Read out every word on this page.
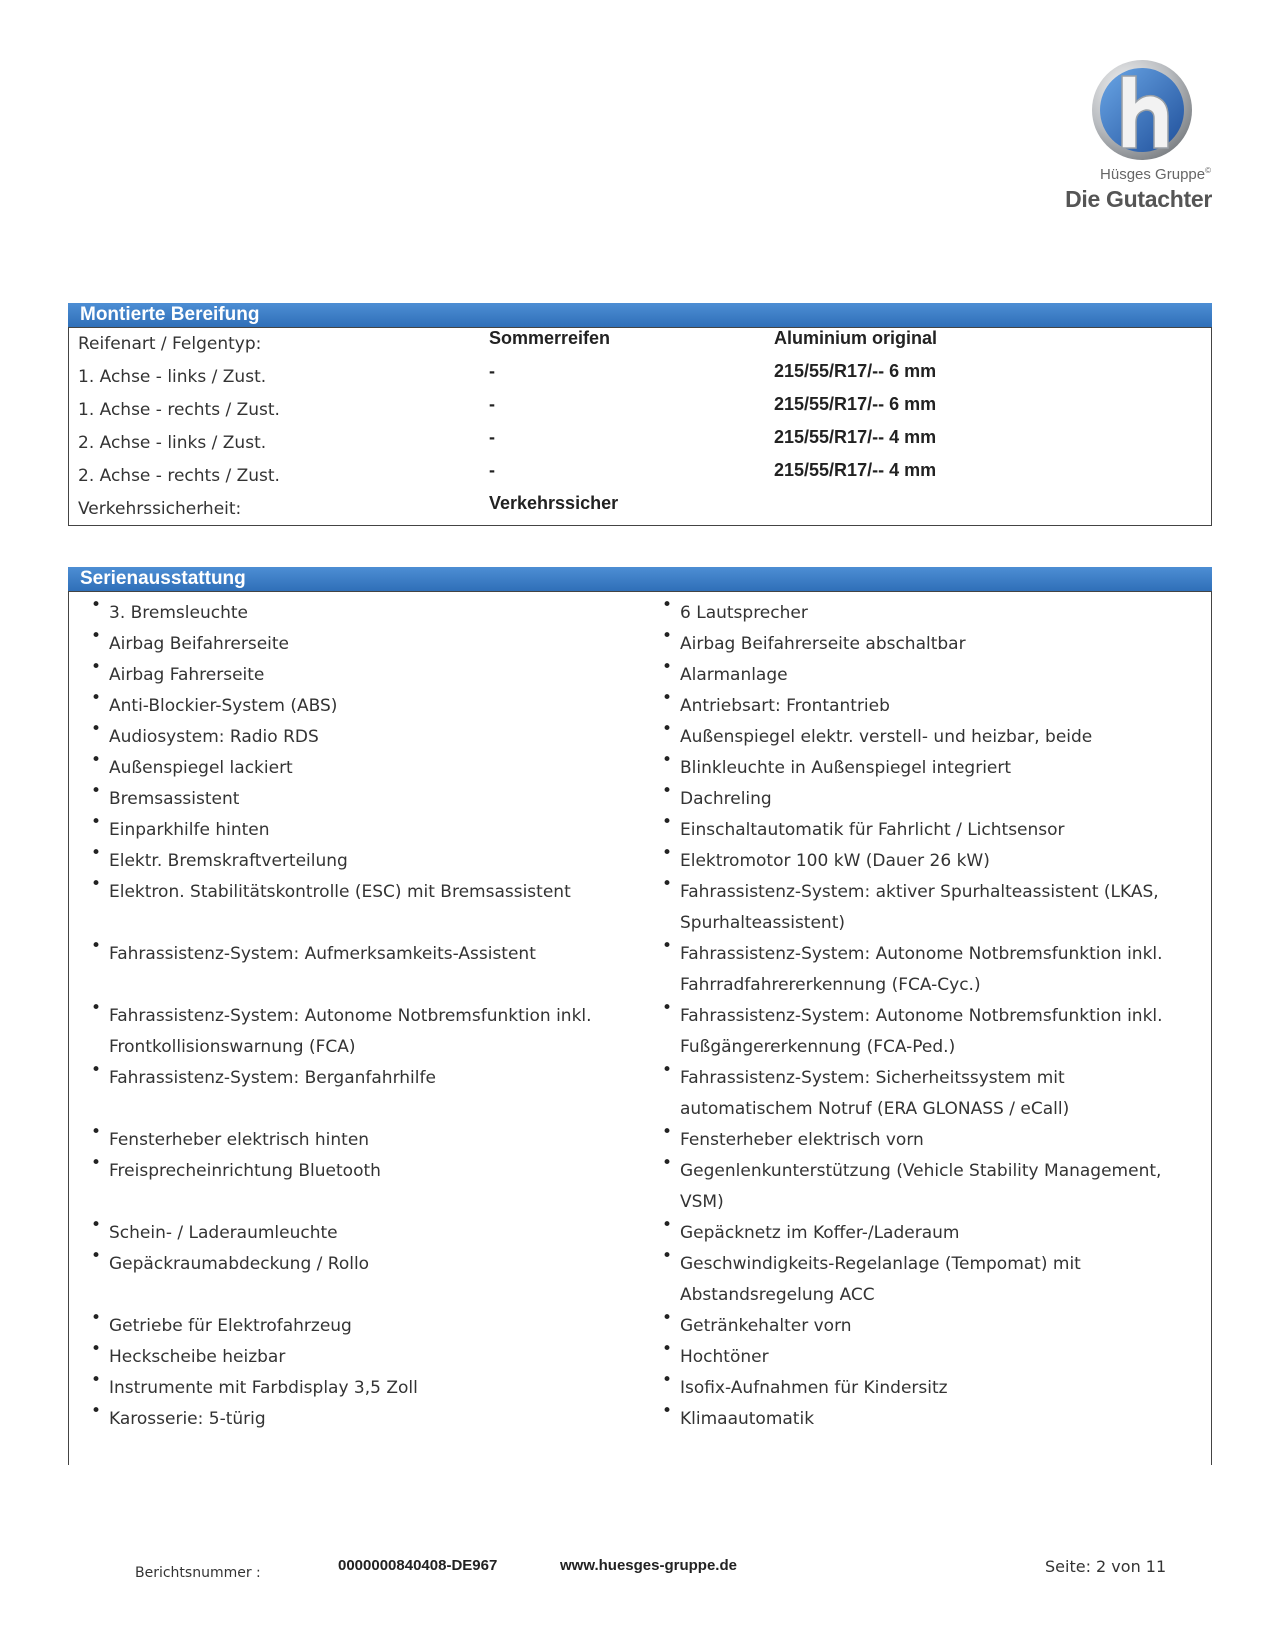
Hüsges Gruppe©
Die Gutachter
Montierte Bereifung
Reifenart / Felgentyp:	Sommerreifen	Aluminium original
1. Achse - links / Zust.	-	215/55/R17/-- 6 mm
1. Achse - rechts / Zust.	-	215/55/R17/-- 6 mm
2. Achse - links / Zust.	-	215/55/R17/-- 4 mm
2. Achse - rechts / Zust.	-	215/55/R17/-- 4 mm
Verkehrssicherheit:	Verkehrssicher
Serienausstattung
• 3. Bremsleuchte	• 6 Lautsprecher
• Airbag Beifahrerseite	• Airbag Beifahrerseite abschaltbar
• Airbag Fahrerseite	• Alarmanlage
• Anti-Blockier-System (ABS)	• Antriebsart: Frontantrieb
• Audiosystem: Radio RDS	• Außenspiegel elektr. verstell- und heizbar, beide
• Außenspiegel lackiert	• Blinkleuchte in Außenspiegel integriert
• Bremsassistent	• Dachreling
• Einparkhilfe hinten	• Einschaltautomatik für Fahrlicht / Lichtsensor
• Elektr. Bremskraftverteilung	• Elektromotor 100 kW (Dauer 26 kW)
• Elektron. Stabilitätskontrolle (ESC) mit Bremsassistent	• Fahrassistenz-System: aktiver Spurhalteassistent (LKAS, Spurhalteassistent)
• Fahrassistenz-System: Aufmerksamkeits-Assistent	• Fahrassistenz-System: Autonome Notbremsfunktion inkl. Fahrradfahrererkennung (FCA-Cyc.)
• Fahrassistenz-System: Autonome Notbremsfunktion inkl. Frontkollisionswarnung (FCA)
• Fahrassistenz-System: Autonome Notbremsfunktion inkl. Fußgängererkennung (FCA-Ped.)
• Fahrassistenz-System: Berganfahrhilfe	• Fahrassistenz-System: Sicherheitssystem mit automatischem Notruf (ERA GLONASS / eCall)
• Fensterheber elektrisch hinten	• Fensterheber elektrisch vorn
• Freisprecheinrichtung Bluetooth	• Gegenlenkunterstützung (Vehicle Stability Management, VSM)
• Schein- / Laderaumleuchte	• Gepäcknetz im Koffer-/Laderaum
• Gepäckraumabdeckung / Rollo	• Geschwindigkeits-Regelanlage (Tempomat) mit Abstandsregelung ACC
• Getriebe für Elektrofahrzeug	• Getränkehalter vorn
• Heckscheibe heizbar	• Hochtöner
• Instrumente mit Farbdisplay 3,5 Zoll	• Isofix-Aufnahmen für Kindersitz
• Karosserie: 5-türig	• Klimaautomatik
Berichtsnummer :	0000000840408-DE967	www.huesges-gruppe.de	Seite: 2 von 11
